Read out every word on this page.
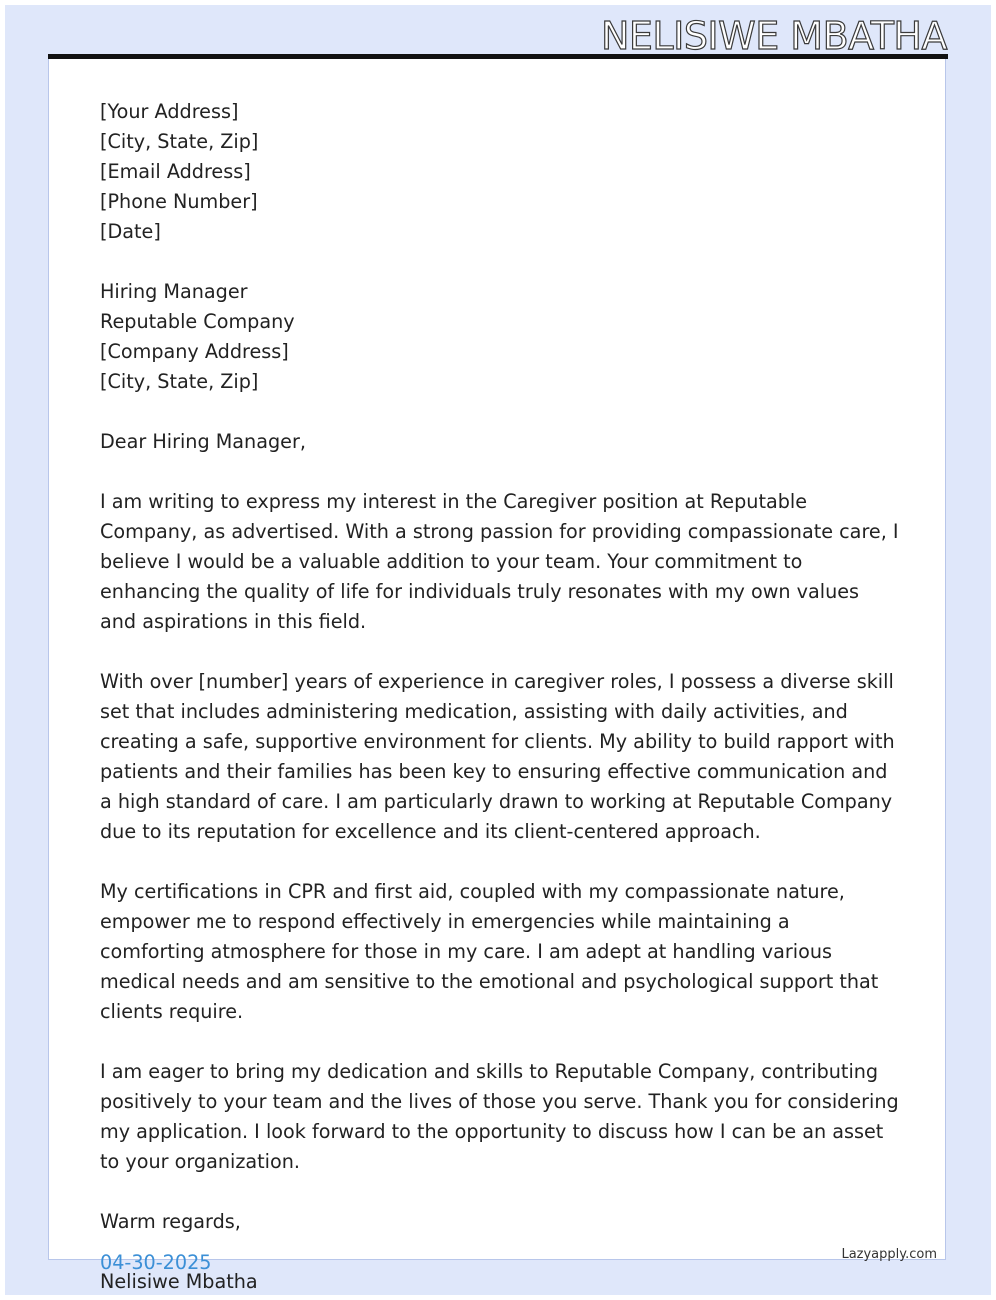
NELISIWE MBATHA
[Your Address]
[City, State, Zip]
[Email Address]
[Phone Number]
[Date]
Hiring Manager
Reputable Company
[Company Address]
[City, State, Zip]
Dear Hiring Manager,

I am writing to express my interest in the Caregiver position at Reputable Company, as advertised. With a strong passion for providing compassionate care, I believe I would be a valuable addition to your team. Your commitment to enhancing the quality of life for individuals truly resonates with my own values and aspirations in this field.

With over [number] years of experience in caregiver roles, I possess a diverse skill set that includes administering medication, assisting with daily activities, and creating a safe, supportive environment for clients. My ability to build rapport with patients and their families has been key to ensuring effective communication and a high standard of care. I am particularly drawn to working at Reputable Company due to its reputation for excellence and its client-centered approach.

My certifications in CPR and first aid, coupled with my compassionate nature, empower me to respond effectively in emergencies while maintaining a comforting atmosphere for those in my care. I am adept at handling various medical needs and am sensitive to the emotional and psychological support that clients require.

I am eager to bring my dedication and skills to Reputable Company, contributing positively to your team and the lives of those you serve. Thank you for considering my application. I look forward to the opportunity to discuss how I can be an asset to your organization.

Warm regards,
Nelisiwe Mbatha
04-30-2025	Lazyapply.com
